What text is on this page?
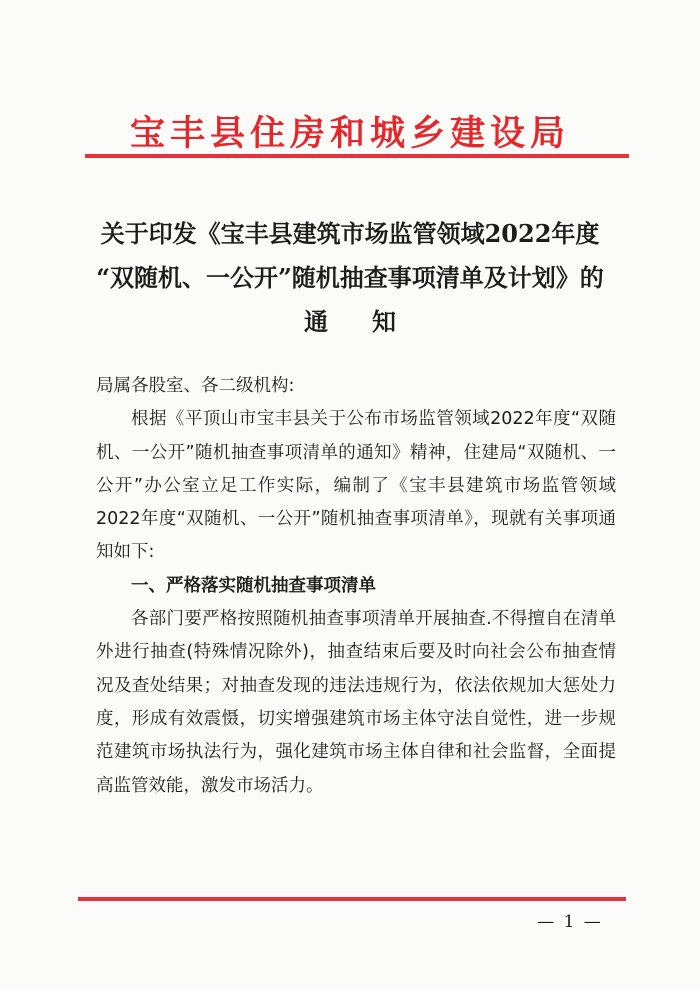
宝丰县住房和城乡建设局
关于印发《宝丰县建筑市场监管领域2022年度
“双随机、一公开”随机抽查事项清单及计划》的
通知

局属各股室、各二级机构:

根据《平顶山市宝丰县关于公布市场监管领域2022年度“双随机、一公开”随机抽查事项清单的通知》精神，住建局“双随机、一公开”办公室立足工作实际，编制了《宝丰县建筑市场监管领域2022年度“双随机、一公开”随机抽查事项清单》，现就有关事项通知如下:

一、严格落实随机抽查事项清单

各部门要严格按照随机抽查事项清单开展抽查.不得擅自在清单外进行抽查(特殊情况除外)，抽查结束后要及时向社会公布抽查情况及查处结果；对抽查发现的违法违规行为，依法依规加大惩处力度，形成有效震慑，切实增强建筑市场主体守法自觉性，进一步规范建筑市场执法行为，强化建筑市场主体自律和社会监督，全面提高监管效能，激发市场活力。

— 1 —
